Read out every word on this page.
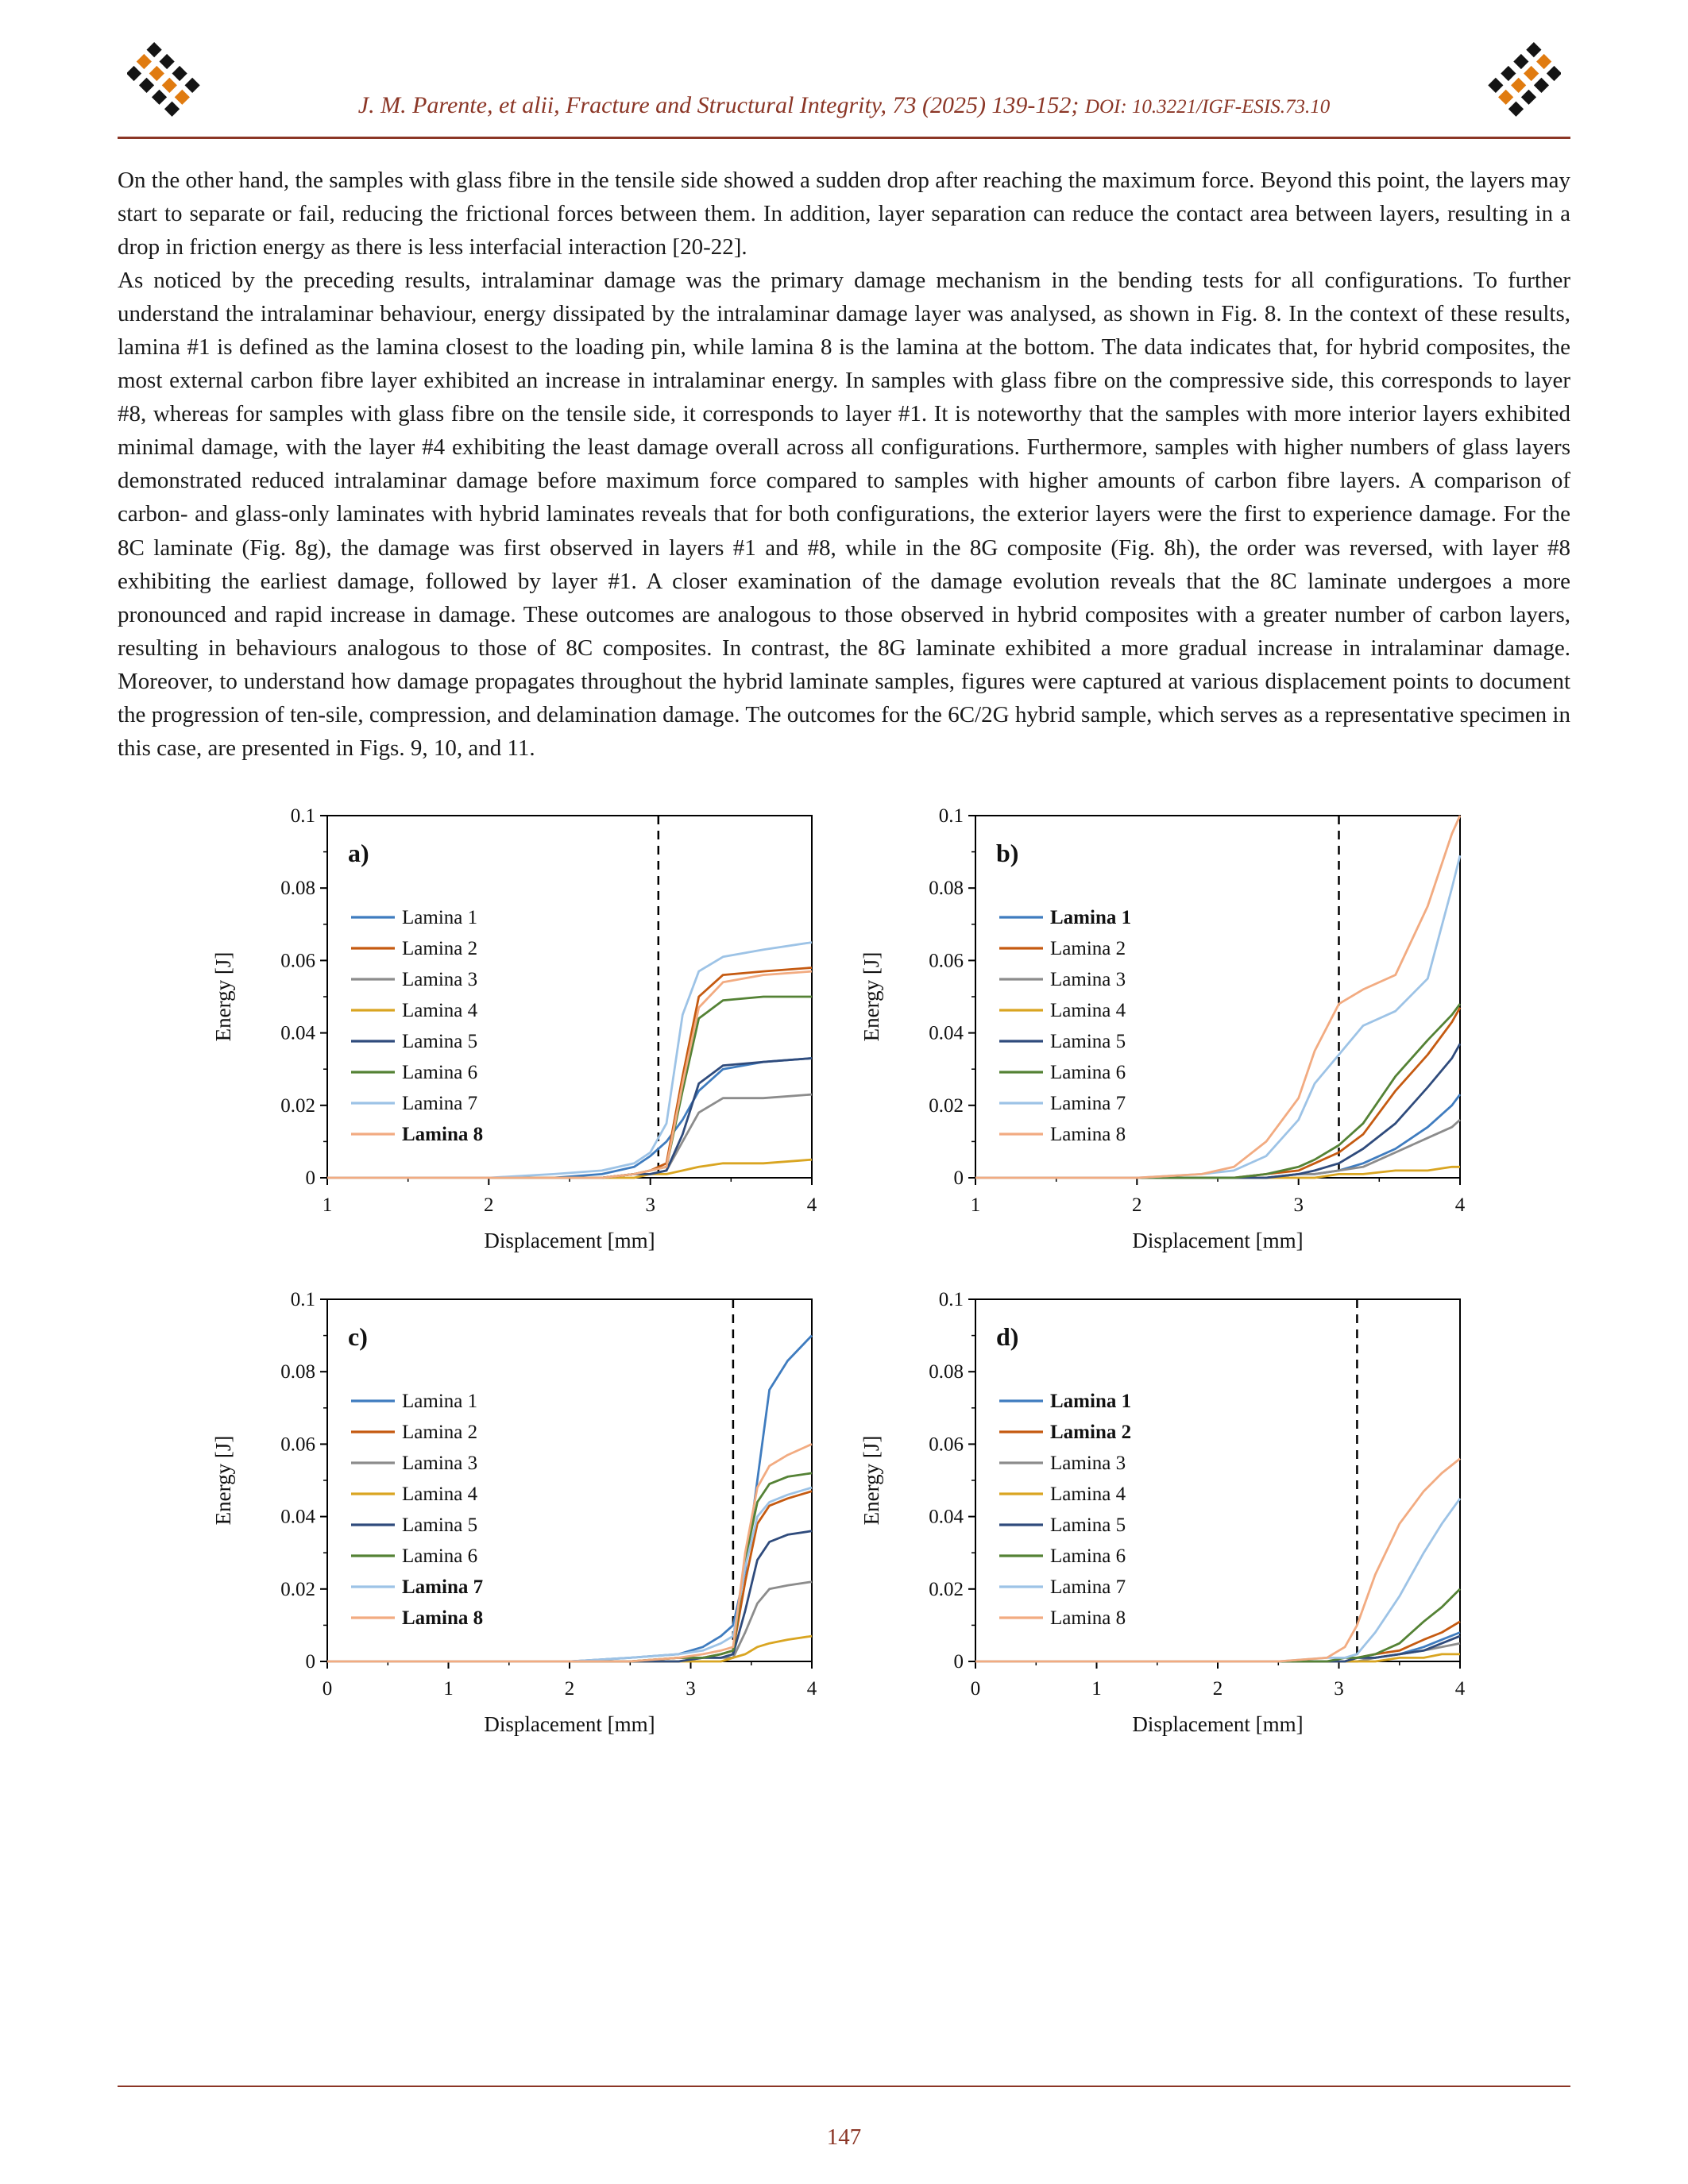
J. M. Parente, et alii, Fracture and Structural Integrity, 73 (2025) 139-152; DOI: 10.3221/IGF-ESIS.73.10

On the other hand, the samples with glass fibre in the tensile side showed a sudden drop after reaching the maximum force. Beyond this point, the layers may start to separate or fail, reducing the frictional forces between them. In addition, layer separation can reduce the contact area between layers, resulting in a drop in friction energy as there is less interfacial interaction [20-22].

As noticed by the preceding results, intralaminar damage was the primary damage mechanism in the bending tests for all configurations. To further understand the intralaminar behaviour, energy dissipated by the intralaminar damage layer was analysed, as shown in Fig. 8. In the context of these results, lamina #1 is defined as the lamina closest to the loading pin, while lamina 8 is the lamina at the bottom. The data indicates that, for hybrid composites, the most external carbon fibre layer exhibited an increase in intralaminar energy. In samples with glass fibre on the compressive side, this corresponds to layer #8, whereas for samples with glass fibre on the tensile side, it corresponds to layer #1. It is noteworthy that the samples with more interior layers exhibited minimal damage, with the layer #4 exhibiting the least damage overall across all configurations. Furthermore, samples with higher numbers of glass layers demonstrated reduced intralaminar damage before maximum force compared to samples with higher amounts of carbon fibre layers. A comparison of carbon- and glass-only laminates with hybrid laminates reveals that for both configurations, the exterior layers were the first to experience damage. For the 8C laminate (Fig. 8g), the damage was first observed in layers #1 and #8, while in the 8G composite (Fig. 8h), the order was reversed, with layer #8 exhibiting the earliest damage, followed by layer #1. A closer examination of the damage evolution reveals that the 8C laminate undergoes a more pronounced and rapid increase in damage. These outcomes are analogous to those observed in hybrid composites with a greater number of carbon layers, resulting in behaviours analogous to those of 8C composites. In contrast, the 8G laminate exhibited a more gradual increase in intralaminar damage. Moreover, to understand how damage propagates throughout the hybrid laminate samples, figures were captured at various displacement points to document the progression of ten-sile, compression, and delamination damage. The outcomes for the 6C/2G hybrid sample, which serves as a representative specimen in this case, are presented in Figs. 9, 10, and 11.

0
0.02
0.04
0.06
0.08
0.1
1	2	3	4
Lamina 1
Lamina 2
Lamina 3
Lamina 4
Lamina 5
Lamina 6
Lamina 7
Lamina 8
a)
Displacement [mm]
Energy [J]
0
0.02
0.04
0.06
0.08
0.1
1	2	3	4
Lamina 1
Lamina 2
Lamina 3
Lamina 4
Lamina 5
Lamina 6
Lamina 7
Lamina 8
b)
Displacement [mm]
Energy [J]
0
0.02
0.04
0.06
0.08
0.1
0	1	2	3	4
Lamina 1
Lamina 2
Lamina 3
Lamina 4
Lamina 5
Lamina 6
Lamina 7
Lamina 8
c)
Displacement [mm]
Energy [J]
0
0.02
0.04
0.06
0.08
0.1
0	1	2	3	4
Lamina 1
Lamina 2
Lamina 3
Lamina 4
Lamina 5
Lamina 6
Lamina 7
Lamina 8
d)
Displacement [mm]
Energy [J]
147
